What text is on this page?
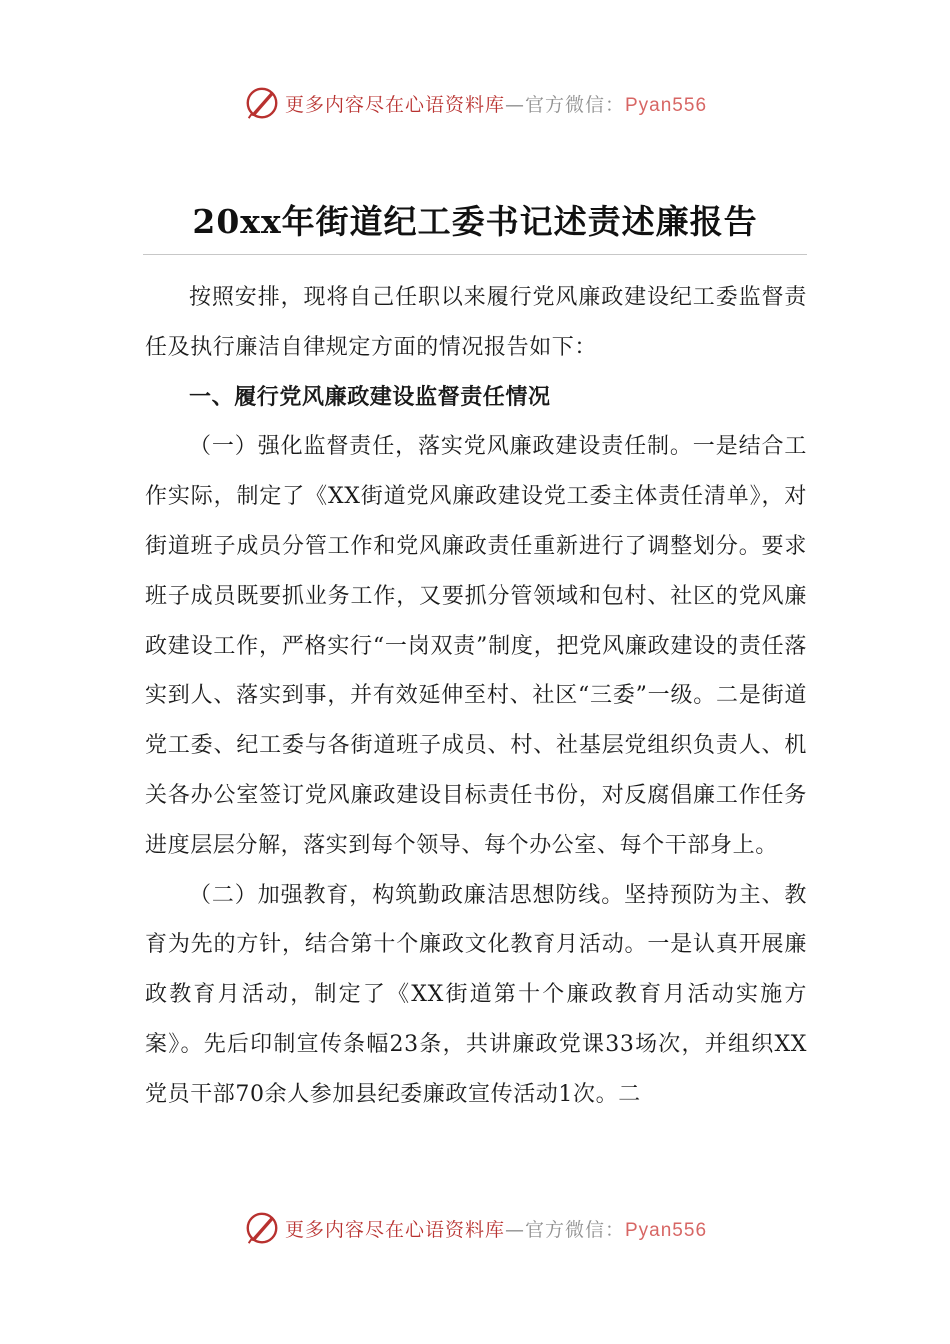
更多内容尽在心语资料库—官方微信：Pyan556
20xx年街道纪工委书记述责述廉报告

按照安排，现将自己任职以来履行党风廉政建设纪工委监督责任及执行廉洁自律规定方面的情况报告如下：

一、履行党风廉政建设监督责任情况

（一）强化监督责任，落实党风廉政建设责任制。一是结合工作实际，制定了《XX街道党风廉政建设党工委主体责任清单》，对街道班子成员分管工作和党风廉政责任重新进行了调整划分。要求班子成员既要抓业务工作，又要抓分管领域和包村、社区的党风廉政建设工作，严格实行“一岗双责”制度，把党风廉政建设的责任落实到人、落实到事，并有效延伸至村、社区“三委”一级。二是街道党工委、纪工委与各街道班子成员、村、社基层党组织负责人、机关各办公室签订党风廉政建设目标责任书份，对反腐倡廉工作任务进度层层分解，落实到每个领导、每个办公室、每个干部身上。

（二）加强教育，构筑勤政廉洁思想防线。坚持预防为主、教育为先的方针，结合第十个廉政文化教育月活动。一是认真开展廉政教育月活动，制定了《XX街道第十个廉政教育月活动实施方案》。先后印制宣传条幅23条，共讲廉政党课33场次，并组织XX党员干部70余人参加县纪委廉政宣传活动1次。二

更多内容尽在心语资料库—官方微信：Pyan556
